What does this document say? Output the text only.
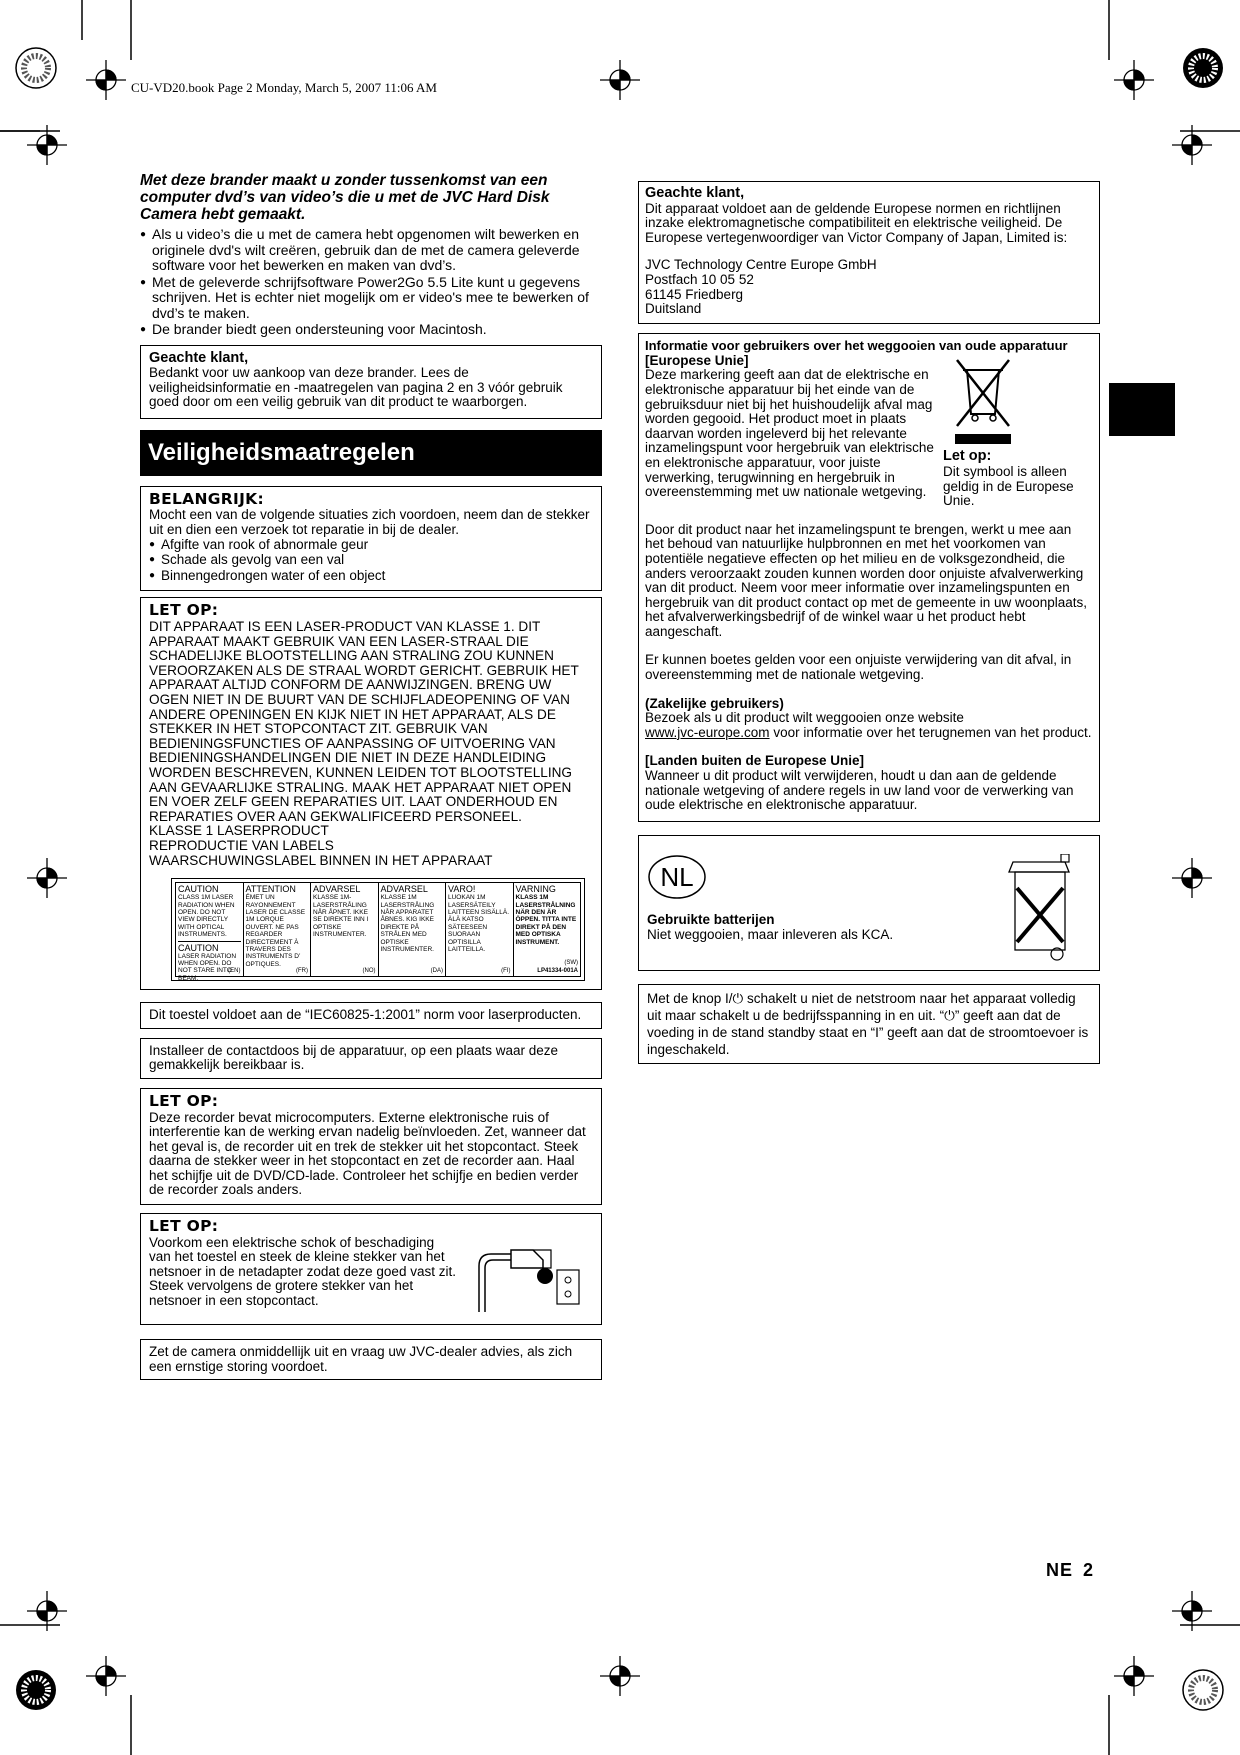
CU-VD20.book Page 2 Monday, March 5, 2007 11:06 AM
Met deze brander maakt u zonder tussenkomst van een computer dvd’s van video’s die u met de JVC Hard Disk Camera hebt gemaakt.
● Als u video’s die u met de camera hebt opgenomen wilt bewerken en originele dvd's wilt creëren, gebruik dan de met de camera geleverde software voor het bewerken en maken van dvd’s.
● Met de geleverde schrijfsoftware Power2Go 5.5 Lite kunt u gegevens schrijven. Het is echter niet mogelijk om er video's mee te bewerken of dvd’s te maken.
● De brander biedt geen ondersteuning voor Macintosh.
Geachte klant,
Bedankt voor uw aankoop van deze brander. Lees de veiligheidsinformatie en -maatregelen van pagina 2 en 3 vóór gebruik goed door om een veilig gebruik van dit product te waarborgen.
Veiligheidsmaatregelen
BELANGRIJK:
Mocht een van de volgende situaties zich voordoen, neem dan de stekker uit en dien een verzoek tot reparatie in bij de dealer.
● Afgifte van rook of abnormale geur
● Schade als gevolg van een val
● Binnengedrongen water of een object
LET OP:
DIT APPARAAT IS EEN LASER-PRODUCT VAN KLASSE 1. DIT APPARAAT MAAKT GEBRUIK VAN EEN LASER-STRAAL DIE SCHADELIJKE BLOOTSTELLING AAN STRALING ZOU KUNNEN VEROORZAKEN ALS DE STRAAL WORDT GERICHT. GEBRUIK HET APPARAAT ALTIJD CONFORM DE AANWIJZINGEN. BRENG UW OGEN NIET IN DE BUURT VAN DE SCHIJFLADEOPENING OF VAN ANDERE OPENINGEN EN KIJK NIET IN HET APPARAAT, ALS DE STEKKER IN HET STOPCONTACT ZIT. GEBRUIK VAN BEDIENINGSFUNCTIES OF AANPASSING OF UITVOERING VAN BEDIENINGSHANDELINGEN DIE NIET IN DEZE HANDLEIDING WORDEN BESCHREVEN, KUNNEN LEIDEN TOT BLOOTSTELLING AAN GEVAARLIJKE STRALING. MAAK HET APPARAAT NIET OPEN EN VOER ZELF GEEN REPARATIES UIT. LAAT ONDERHOUD EN REPARATIES OVER AAN GEKWALIFICEERD PERSONEEL.
KLASSE 1 LASERPRODUCT
REPRODUCTIE VAN LABELS
WAARSCHUWINGSLABEL BINNEN IN HET APPARAAT
CAUTION
CLASS 1M LASER RADIATION WHEN OPEN. DO NOT VIEW DIRECTLY WITH OPTICAL INSTRUMENTS.
CAUTION
LASER RADIATION WHEN OPEN. DO NOT STARE INTO BEAM.
(EN)
ATTENTION
ÉMET UN RAYONNEMENT LASER DE CLASSE 1M LORQUE OUVERT. NE PAS REGARDER DIRECTEMENT À TRAVERS DES INSTRUMENTS D’ OPTIQUES.
(FR)
ADVARSEL
KLASSE 1M-LASERSTRÅLING NÅR ÅPNET. IKKE SE DIREKTE INN I OPTISKE INSTRUMENTER.
(NO)
ADVARSEL
KLASSE 1M LASERSTRÅLING NÅR APPARATET ÅBNES. KIG IKKE DIREKTE PÅ STRÅLEN MED OPTISKE INSTRUMENTER.
(DA)
VARO!
LUOKAN 1M LASERSÄTEILY LAITTEEN SISÄLLÄ. ÄLÄ KATSO SÄTEESEEN SUORAAN OPTISILLA LAITTEILLA.
(FI)
VARNING
KLASS 1M LASERSTRÅLNING NÄR DEN ÄR ÖPPEN. TITTA INTE DIREKT PÅ DEN MED OPTISKA INSTRUMENT.
(SW)
LP41334-001A
Dit toestel voldoet aan de “IEC60825-1:2001” norm voor laserproducten.
Installeer de contactdoos bij de apparatuur, op een plaats waar deze gemakkelijk bereikbaar is.
LET OP:
Deze recorder bevat microcomputers. Externe elektronische ruis of interferentie kan de werking ervan nadelig beïnvloeden. Zet, wanneer dat het geval is, de recorder uit en trek de stekker uit het stopcontact. Steek daarna de stekker weer in het stopcontact en zet de recorder aan. Haal het schijfje uit de DVD/CD-lade. Controleer het schijfje en bedien verder de recorder zoals anders.
LET OP:
Voorkom een elektrische schok of beschadiging van het toestel en steek de kleine stekker van het netsnoer in de netadapter zodat deze goed vast zit. Steek vervolgens de grotere stekker van het netsnoer in een stopcontact.
Zet de camera onmiddellijk uit en vraag uw JVC-dealer advies, als zich een ernstige storing voordoet.
Geachte klant,
Dit apparaat voldoet aan de geldende Europese normen en richtlijnen inzake elektromagnetische compatibiliteit en elektrische veiligheid. De Europese vertegenwoordiger van Victor Company of Japan, Limited is:
JVC Technology Centre Europe GmbH
Postfach 10 05 52
61145 Friedberg
Duitsland
Informatie voor gebruikers over het weggooien van oude apparatuur
[Europese Unie]
Deze markering geeft aan dat de elektrische en elektronische apparatuur bij het einde van de gebruiksduur niet bij het huishoudelijk afval mag worden gegooid. Het product moet in plaats daarvan worden ingeleverd bij het relevante inzamelingspunt voor hergebruik van elektrische en elektronische apparatuur, voor juiste verwerking, terugwinning en hergebruik in overeenstemming met uw nationale wetgeving.
Let op:
Dit symbool is alleen geldig in de Europese Unie.
Door dit product naar het inzamelingspunt te brengen, werkt u mee aan het behoud van natuurlijke hulpbronnen en met het voorkomen van potentiële negatieve effecten op het milieu en de volksgezondheid, die anders veroorzaakt zouden kunnen worden door onjuiste afvalverwerking van dit product. Neem voor meer informatie over inzamelingspunten en hergebruik van dit product contact op met de gemeente in uw woonplaats, het afvalverwerkingsbedrijf of de winkel waar u het product hebt aangeschaft.
Er kunnen boetes gelden voor een onjuiste verwijdering van dit afval, in overeenstemming met de nationale wetgeving.
(Zakelijke gebruikers)
Bezoek als u dit product wilt weggooien onze website
www.jvc-europe.com voor informatie over het terugnemen van het product.
[Landen buiten de Europese Unie]
Wanneer u dit product wilt verwijderen, houdt u dan aan de geldende nationale wetgeving of andere regels in uw land voor de verwerking van oude elektrische en elektronische apparatuur.
NL
Gebruikte batterijen
Niet weggooien, maar inleveren als KCA.
Met de knop I/⏻ schakelt u niet de netstroom naar het apparaat volledig uit maar schakelt u de bedrijfsspanning in en uit. “⏻” geeft aan dat de voeding in de stand standby staat en “I” geeft aan dat de stroomtoevoer is ingeschakeld.
NE 2
